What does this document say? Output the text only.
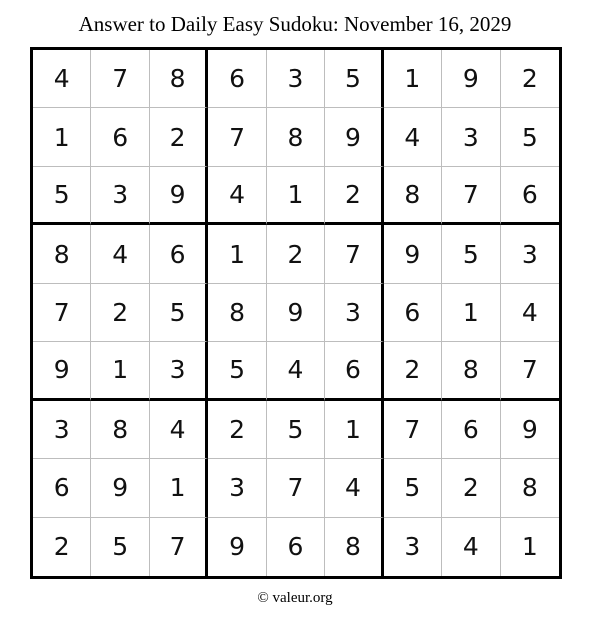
Answer to Daily Easy Sudoku: November 16, 2029
4	7	8	6	3	5	1	9	2
1	6	2	7	8	9	4	3	5
5	3	9	4	1	2	8	7	6
8	4	6	1	2	7	9	5	3
7	2	5	8	9	3	6	1	4
9	1	3	5	4	6	2	8	7
3	8	4	2	5	1	7	6	9
6	9	1	3	7	4	5	2	8
2	5	7	9	6	8	3	4	1
© valeur.org
